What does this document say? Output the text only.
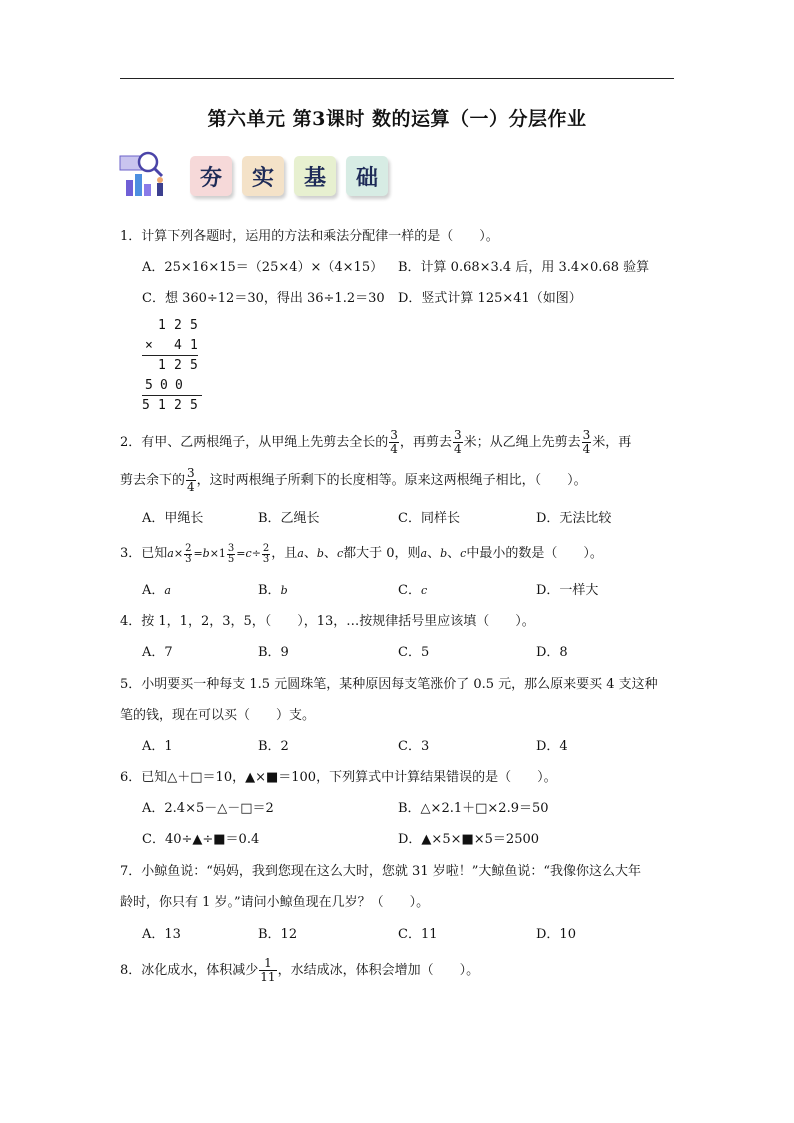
第六单元 第3课时 数的运算（一）分层作业
夯	实	基	础
1．计算下列各题时，运用的方法和乘法分配律一样的是（　　）。
A．25×16×15＝（25×4）×（4×15） B．计算 0.68×3.4 后，用 3.4×0.68 验算
C．想 360÷12＝30，得出 36÷1.2＝30 D．竖式计算 125×41（如图）
1 2 5
× 4 1
1 2 5
5 0 0
5 1 2 5
2．有甲、乙两根绳子，从甲绳上先剪去全长的 $\frac{3}{4}$ ，再剪去 $\frac{3}{4}$ 米；从乙绳上先剪去 $\frac{3}{4}$ 米，再
剪去余下的 $\frac{3}{4}$ ，这时两根绳子所剩下的长度相等。原来这两根绳子相比，（　　）。
A．甲绳长	B．乙绳长	C．同样长	D．无法比较
3．已知$a\times \frac{2}{3} =b\times 1 \frac{3}{5} =c\div \frac{2}{3}$ ，且a、b、c都大于 0，则a、b、c中最小的数是（　　）。
A．a	B．b	C．c	D．一样大
4．按 1，1，2，3，5，（　　），13，…按规律括号里应该填（　　）。
A．7	B．9	C．5	D．8
5．小明要买一种每支 1.5 元圆珠笔，某种原因每支笔涨价了 0.5 元，那么原来要买 4 支这种
笔的钱，现在可以买（　　）支。
A．1	B．2	C．3	D．4
6．已知△＋□＝10，▲×■＝100，下列算式中计算结果错误的是（　　）。
A．2.4×5－△－□＝2	B．△×2.1＋□×2.9＝50
C．40÷▲÷■＝0.4	D．▲×5×■×5＝2500
7．小鲸鱼说：“妈妈，我到您现在这么大时，您就 31 岁啦！”大鲸鱼说：“我像你这么大年
龄时，你只有 1 岁。”请问小鲸鱼现在几岁？（　　）。
A．13	B．12	C．11	D．10
8．冰化成水，体积减少 $\frac{1}{11}$ ，水结成冰，体积会增加（　　）。
